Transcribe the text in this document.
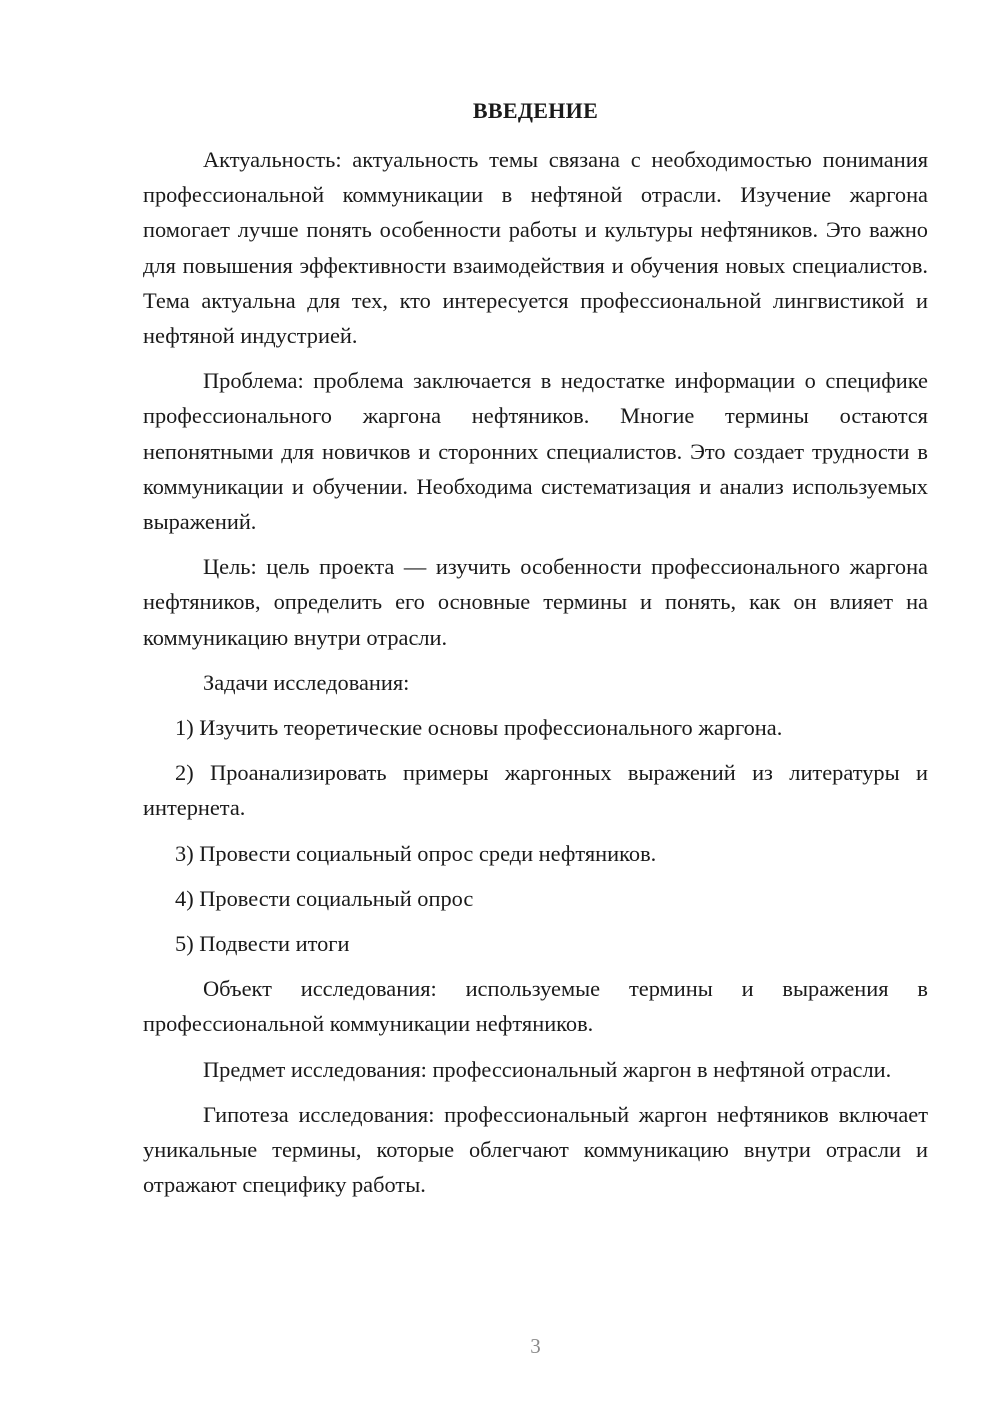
ВВЕДЕНИЕ

Актуальность: актуальность темы связана с необходимостью понимания профессиональной коммуникации в нефтяной отрасли. Изучение жаргона помогает лучше понять особенности работы и культуры нефтяников. Это важно для повышения эффективности взаимодействия и обучения новых специалистов. Тема актуальна для тех, кто интересуется профессиональной лингвистикой и нефтяной индустрией.

Проблема: проблема заключается в недостатке информации о специфике профессионального жаргона нефтяников. Многие термины остаются непонятными для новичков и сторонних специалистов. Это создает трудности в коммуникации и обучении. Необходима систематизация и анализ используемых выражений.

Цель: цель проекта — изучить особенности профессионального жаргона нефтяников, определить его основные термины и понять, как он влияет на коммуникацию внутри отрасли.

Задачи исследования:

1) Изучить теоретические основы профессионального жаргона.

2) Проанализировать примеры жаргонных выражений из литературы и интернета.

3) Провести социальный опрос среди нефтяников.

4) Провести социальный опрос

5) Подвести итоги

Объект исследования: используемые термины и выражения в профессиональной коммуникации нефтяников.

Предмет исследования: профессиональный жаргон в нефтяной отрасли.

Гипотеза исследования: профессиональный жаргон нефтяников включает уникальные термины, которые облегчают коммуникацию внутри отрасли и отражают специфику работы.

3
